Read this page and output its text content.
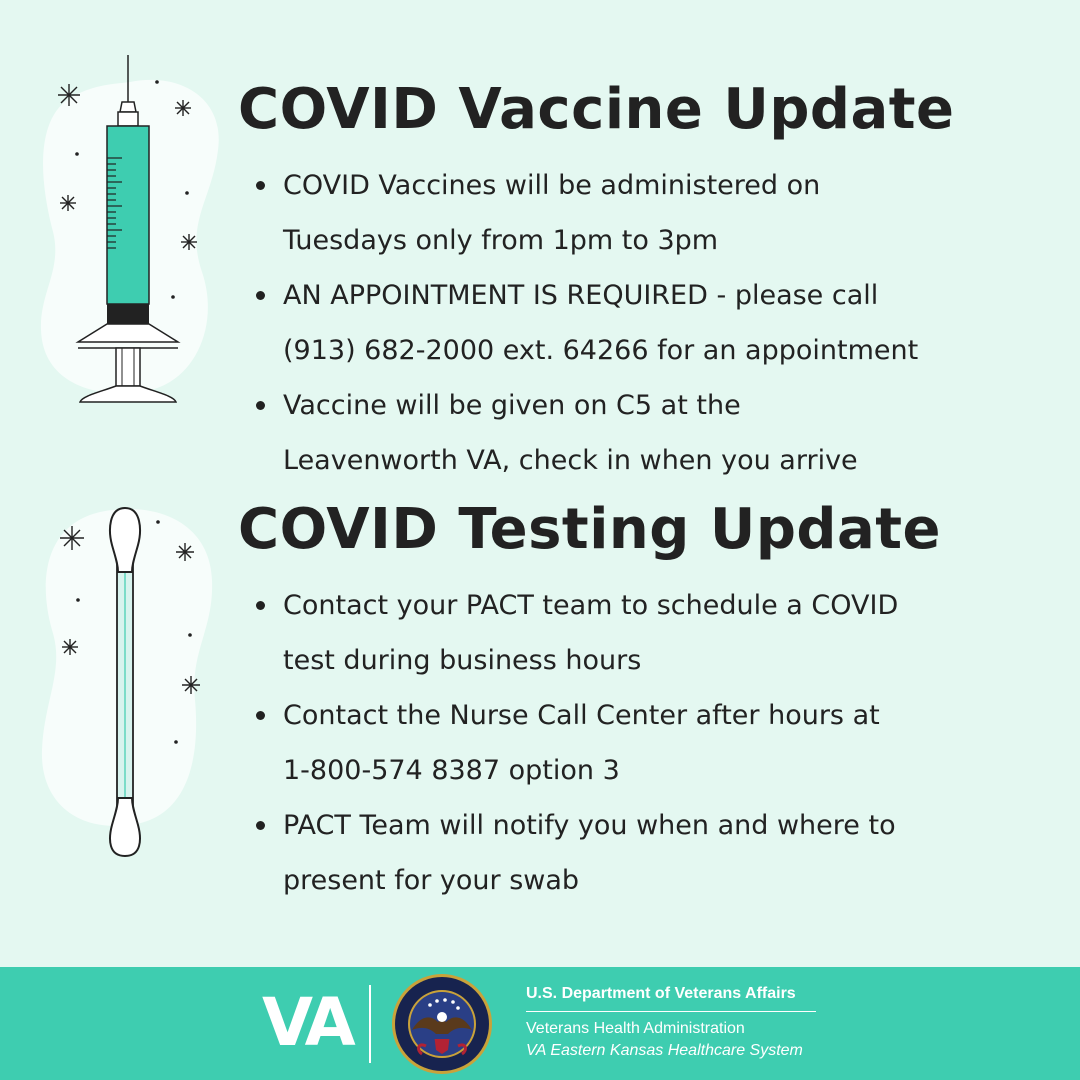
COVID Vaccine Update
COVID Vaccines will be administered on
Tuesdays only from 1pm to 3pm
AN APPOINTMENT IS REQUIRED - please call
(913) 682-2000 ext. 64266 for an appointment
Vaccine will be given on C5 at the
Leavenworth VA, check in when you arrive
COVID Testing Update
Contact your PACT team to schedule a COVID
test during business hours
Contact the Nurse Call Center after hours at
1-800-574 8387 option 3
PACT Team will notify you when and where to
present for your swab
VA	U.S. Department of Veterans Affairs
Veterans Health Administration
VA Eastern Kansas Healthcare System
